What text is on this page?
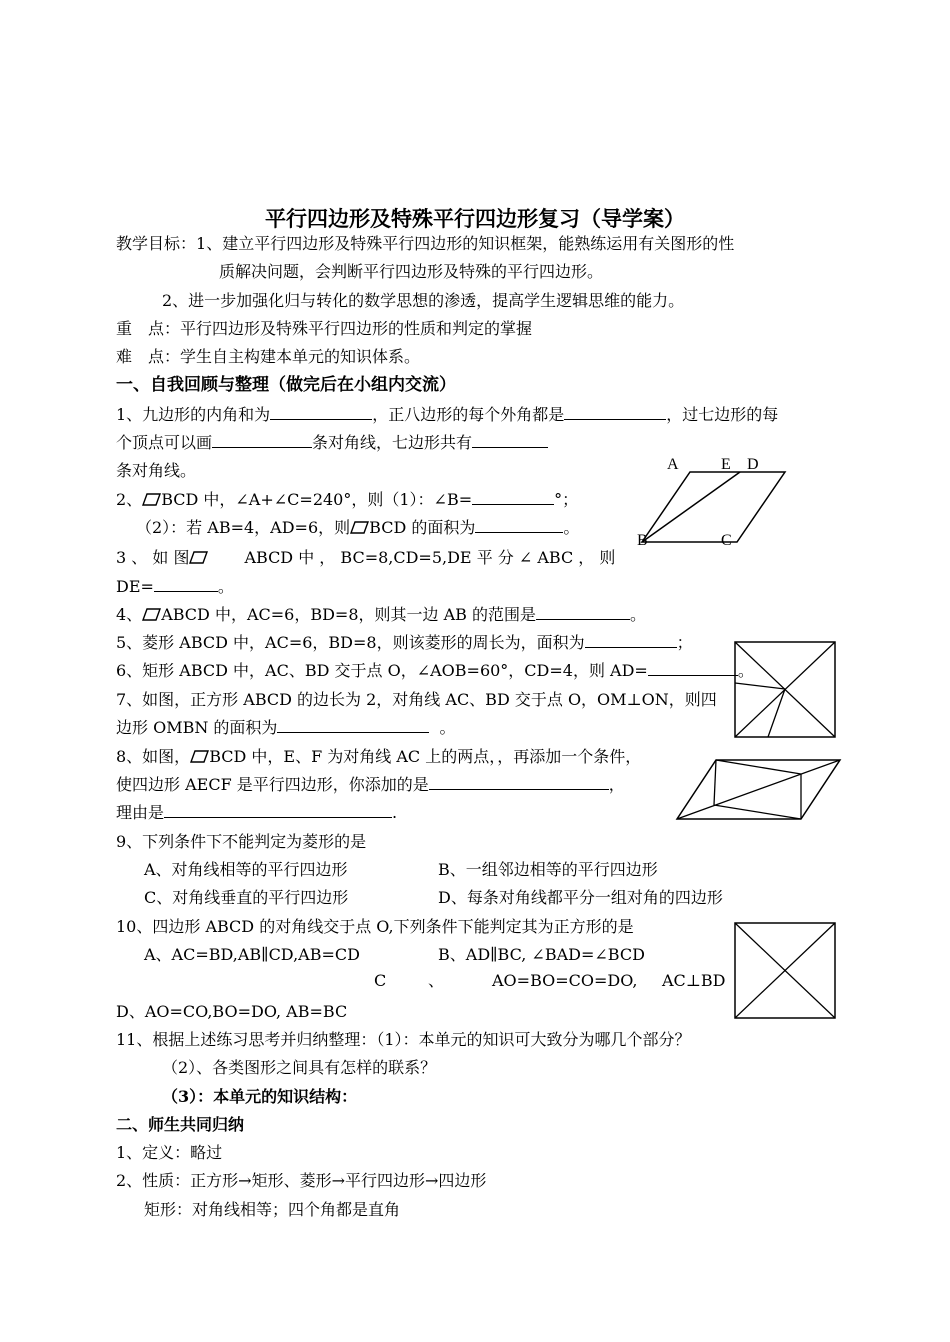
平行四边形及特殊平行四边形复习（导学案）
教学目标：1、建立平行四边形及特殊平行四边形的知识框架，能熟练运用有关图形的性
质解决问题，会判断平行四边形及特殊的平行四边形。
2、进一步加强化归与转化的数学思想的渗透，提高学生逻辑思维的能力。
重　点：平行四边形及特殊平行四边形的性质和判定的掌握
难　点：学生自主构建本单元的知识体系。
一、自我回顾与整理（做完后在小组内交流）
1、九边形的内角和为	，正八边形的每个外角都是	，过七边形的每
个顶点可以画	条对角线，七边形共有
条对角线。
2、 BCD 中，∠A+∠C=240°，则（1）：∠B=	°；
（2）：若 AB=4，AD=6，则 BCD 的面积为	。
A	E D
B	C
3 、 如 图	ABCD 中 ， BC=8,CD=5,DE 平 分 ∠ ABC ， 则
DE=	。
4、 ABCD 中，AC=6，BD=8，则其一边 AB 的范围是	。
5、菱形 ABCD 中，AC=6，BD=8，则该菱形的周长为，面积为	；
6、矩形 ABCD 中，AC、BD 交于点 O，∠AOB=60°，CD=4，则 AD=	。
7、如图，正方形 ABCD 的边长为 2，对角线 AC、BD 交于点 O，OM⊥ON，则四
边形 OMBN 的面积为	。
8、如图， BCD 中，E、F 为对角线 AC 上的两点，，再添加一个条件，
使四边形 AECF 是平行四边形，你添加的是	，
理由是	.
9、下列条件下不能判定为菱形的是
A、对角线相等的平行四边形	B、一组邻边相等的平行四边形
C、对角线垂直的平行四边形	D、每条对角线都平分一组对角的四边形
10、四边形 ABCD 的对角线交于点 O,下列条件下能判定其为正方形的是
A、AC=BD,AB∥CD,AB=CD	B、AD∥BC, ∠BAD=∠BCD
C	、	AO=BO=CO=DO, AC⊥BD
D、AO=CO,BO=DO, AB=BC
11、根据上述练习思考并归纳整理：（1）：本单元的知识可大致分为哪几个部分？
（2）、各类图形之间具有怎样的联系？
（3）：本单元的知识结构：
二、师生共同归纳
1、定义：略过
2、性质：正方形→矩形、菱形→平行四边形→四边形
矩形：对角线相等；四个角都是直角
